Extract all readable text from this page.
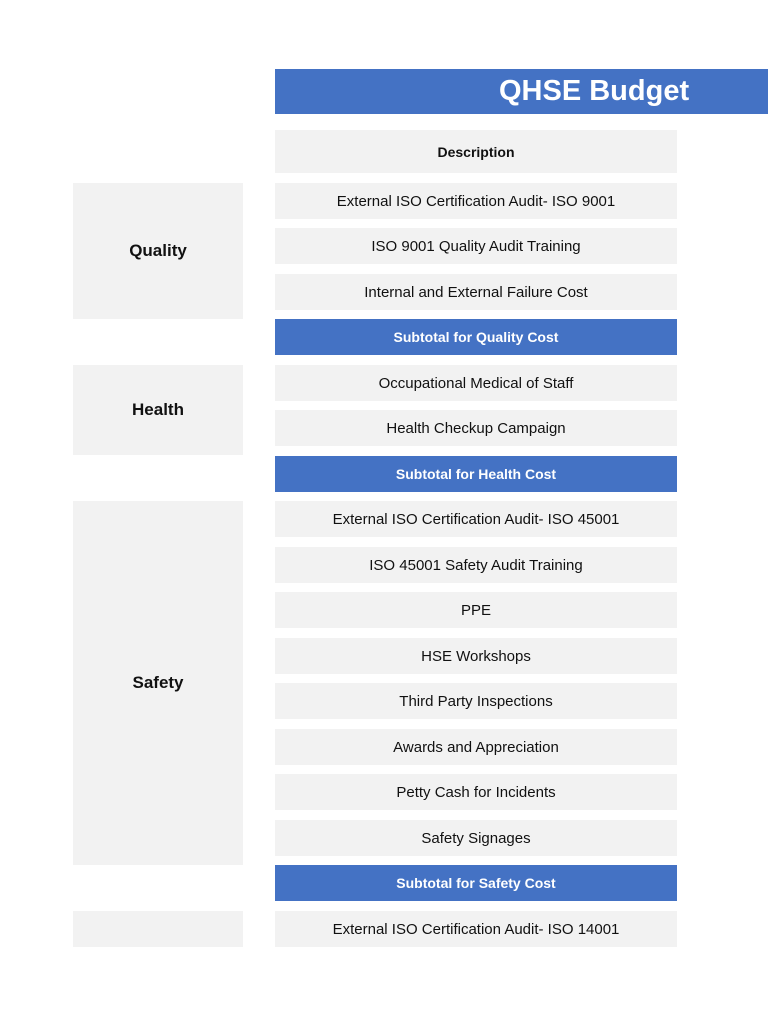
QHSE Budget
Description
Quality
External ISO Certification Audit- ISO 9001
ISO 9001 Quality Audit Training
Internal and External Failure Cost
Subtotal for Quality Cost
Health
Occupational Medical of Staff
Health Checkup Campaign
Subtotal for Health Cost
Safety
External ISO Certification Audit- ISO 45001
ISO 45001 Safety Audit Training
PPE
HSE Workshops
Third Party Inspections
Awards and Appreciation
Petty Cash for Incidents
Safety Signages
Subtotal for Safety Cost
External ISO Certification Audit- ISO 14001
